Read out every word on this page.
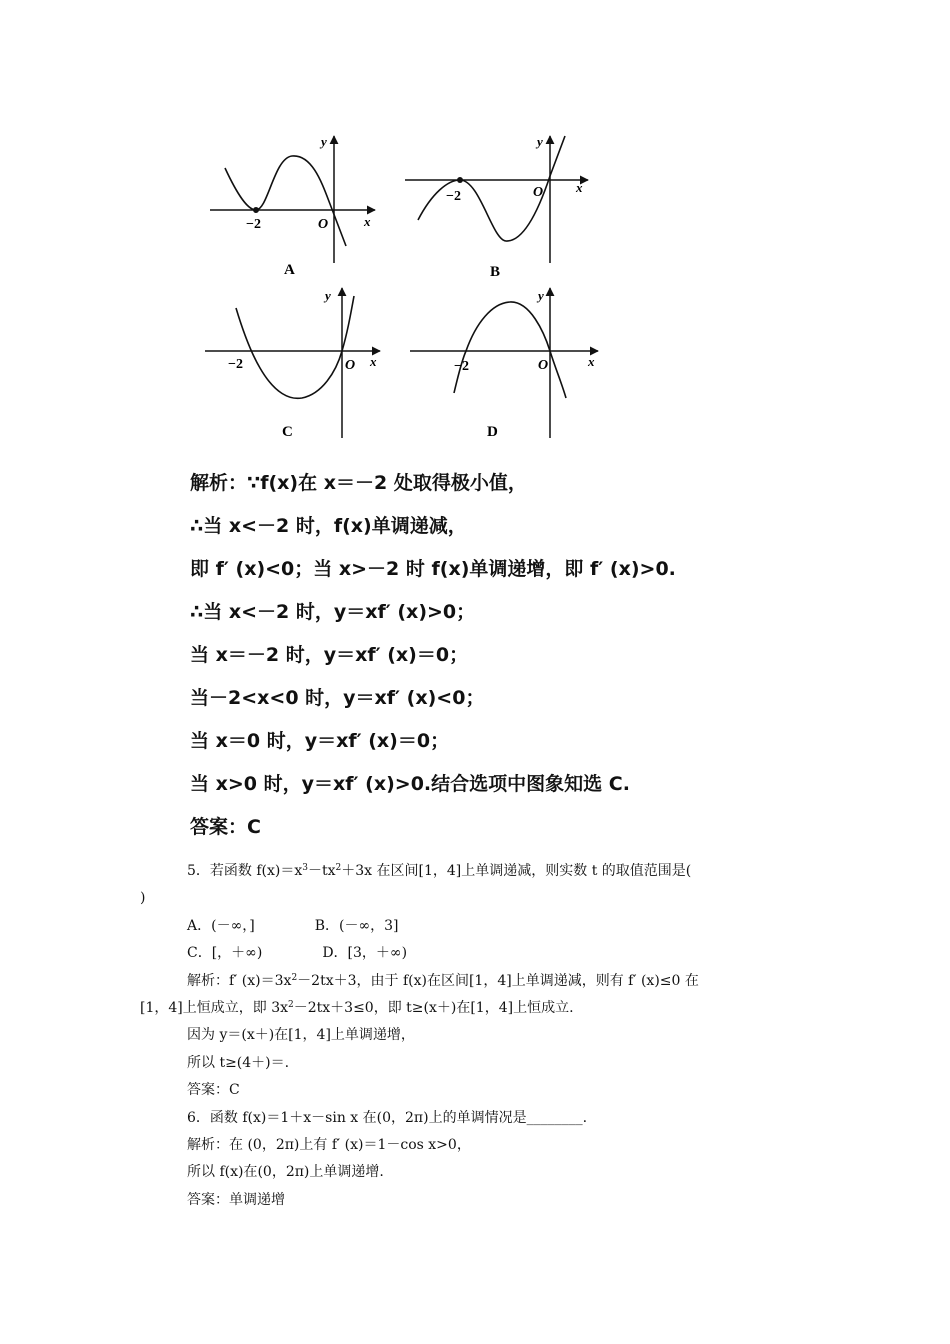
−2	O	x
y
A
−2	O	x
y
B
−2	O x
y
C
−2	O	x
y
D
解析：∵f(x)在 x＝－2 处取得极小值，
∴当 x<－2 时，f(x)单调递减，
即 f′ (x)<0；当 x>－2 时 f(x)单调递增，即 f′ (x)>0.
∴当 x<－2 时，y＝xf′ (x)>0；
当 x＝－2 时，y＝xf′ (x)＝0；
当－2<x<0 时，y＝xf′ (x)<0；
当 x＝0 时，y＝xf′ (x)＝0；
当 x>0 时，y＝xf′ (x)>0.结合选项中图象知选 C.
答案：C
5．若函数 $f(x)=x^3-tx^2+3x$ 在区间[1，4]上单调递减，则实数 t 的取值范围是(
)
A．(－∞，]	B．(－∞，3]
C．[，＋∞)	D．[3，＋∞)
解析：f′ $(x)=3x^2-2tx+3$，由于 f(x)在区间[1，4]上单调递减，则有 f′ (x)≤0 在
[1，4]上恒成立，即 $3x^2-2tx+3\le 0$，即 t≥(x＋)在[1，4]上恒成立.
因为 y＝(x＋)在[1，4]上单调递增，
所以 t≥(4＋)＝.
答案：C
6．函数 f(x)＝1＋x－sin x 在(0，2π)上的单调情况是________.
解析：在 (0，2π)上有 f′ (x)＝1－cos x>0，
所以 f(x)在(0，2π)上单调递增.
答案：单调递增
